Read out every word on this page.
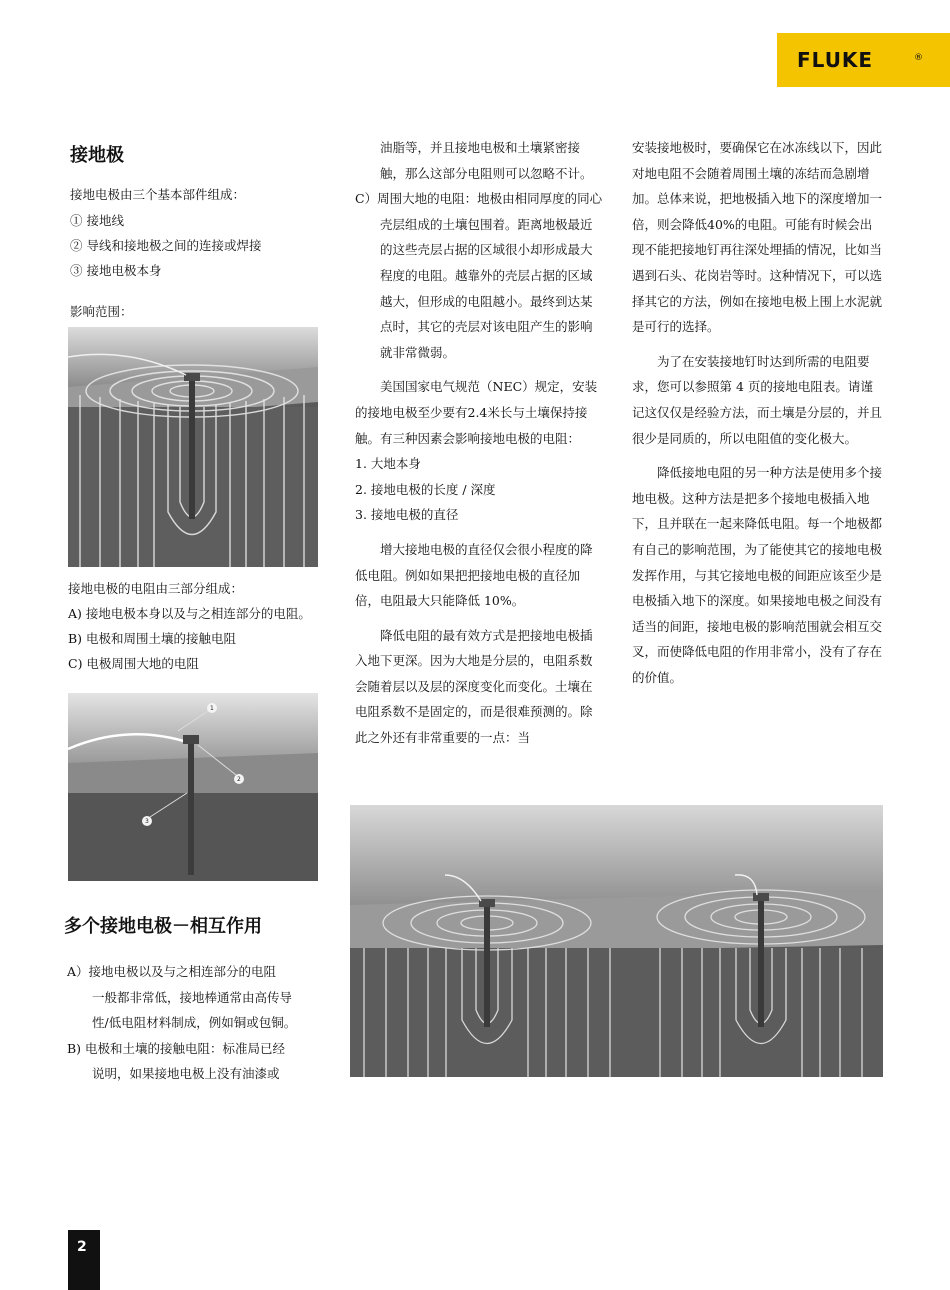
FLUKE	®
接地极
接地电极由三个基本部件组成：
① 接地线
② 导线和接地极之间的连接或焊接
③ 接地电极本身
影响范围：
接地电极的电阻由三部分组成：
A) 接地电极本身以及与之相连部分的电阻。
B) 电极和周围土壤的接触电阻
C) 电极周围大地的电阻
1
2
3
多个接地电极－相互作用
A）接地电极以及与之相连部分的电阻
一般都非常低，接地棒通常由高传导
性/低电阻材料制成，例如铜或包铜。
B) 电极和土壤的接触电阻：标准局已经
说明，如果接地电极上没有油漆或

油脂等，并且接地电极和土壤紧密接触，那么这部分电阻则可以忽略不计。

C）周围大地的电阻：地极由相同厚度的同心壳层组成的土壤包围着。距离地极最近的这些壳层占据的区域很小却形成最大程度的电阻。越靠外的壳层占据的区域越大，但形成的电阻越小。最终到达某点时，其它的壳层对该电阻产生的影响就非常微弱。

美国国家电气规范（NEC）规定，安装的接地电极至少要有2.4米长与土壤保持接触。有三种因素会影响接地电极的电阻：

1. 大地本身

2. 接地电极的长度 / 深度

3. 接地电极的直径

增大接地电极的直径仅会很小程度的降低电阻。例如如果把把接地电极的直径加倍，电阻最大只能降低 10%。

降低电阻的最有效方式是把接地电极插入地下更深。因为大地是分层的，电阻系数会随着层以及层的深度变化而变化。土壤在电阻系数不是固定的，而是很难预测的。除此之外还有非常重要的一点：当

安装接地极时，要确保它在冰冻线以下，因此对地电阻不会随着周围土壤的冻结而急剧增加。总体来说，把地极插入地下的深度增加一倍，则会降低40%的电阻。可能有时候会出现不能把接地钉再往深处埋插的情况，比如当遇到石头、花岗岩等时。这种情况下，可以选择其它的方法，例如在接地电极上围上水泥就是可行的选择。

为了在安装接地钉时达到所需的电阻要求，您可以参照第 4 页的接地电阻表。请谨记这仅仅是经验方法，而土壤是分层的，并且很少是同质的，所以电阻值的变化极大。

降低接地电阻的另一种方法是使用多个接地电极。这种方法是把多个接地电极插入地下，且并联在一起来降低电阻。每一个地极都有自己的影响范围，为了能使其它的接地电极发挥作用，与其它接地电极的间距应该至少是电极插入地下的深度。如果接地电极之间没有适当的间距，接地电极的影响范围就会相互交叉，而使降低电阻的作用非常小，没有了存在的价值。

2
